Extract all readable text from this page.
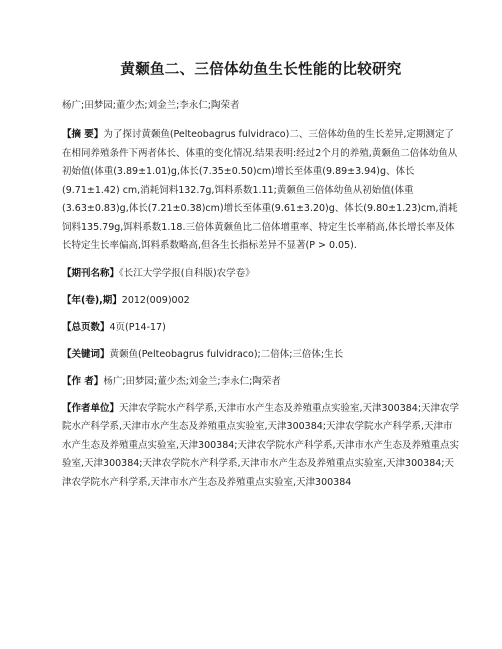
黄颡鱼二、三倍体幼鱼生长性能的比较研究
杨广;田梦园;董少杰;刘金兰;李永仁;陶荣者
【摘 要】为了探讨黄颡鱼(Pelteobagrus fulvidraco)二、三倍体幼鱼的生长差异,定期测定了在相同养殖条件下两者体长、体重的变化情况.结果表明:经过2个月的养殖,黄颡鱼二倍体幼鱼从初始值(体重(3.89±1.01)g,体长(7.35±0.50)cm)增长至体重(9.89±3.94)g、体长(9.71±1.42) cm,消耗饲料132.7g,饵料系数1.11;黄颡鱼三倍体幼鱼从初始值(体重(3.63±0.83)g,体长(7.21±0.38)cm)增长至体重(9.61±3.20)g、体长(9.80±1.23)cm,消耗饲料135.79g,饵料系数1.18.三倍体黄颡鱼比二倍体增重率、特定生长率稍高,体长增长率及体长特定生长率偏高,饵料系数略高,但各生长指标差异不显著(P > 0.05).
【期刊名称】《长江大学学报(自科版)农学卷》
【年(卷),期】2012(009)002
【总页数】4页(P14-17)
【关键词】黄颡鱼(Pelteobagrus fulvidraco);二倍体;三倍体;生长
【作 者】杨广;田梦园;董少杰;刘金兰;李永仁;陶荣者
【作者单位】天津农学院水产科学系,天津市水产生态及养殖重点实验室,天津300384;天津农学院水产科学系,天津市水产生态及养殖重点实验室,天津300384;天津农学院水产科学系,天津市水产生态及养殖重点实验室,天津300384;天津农学院水产科学系,天津市水产生态及养殖重点实验室,天津300384;天津农学院水产科学系,天津市水产生态及养殖重点实验室,天津300384;天津农学院水产科学系,天津市水产生态及养殖重点实验室,天津300384
